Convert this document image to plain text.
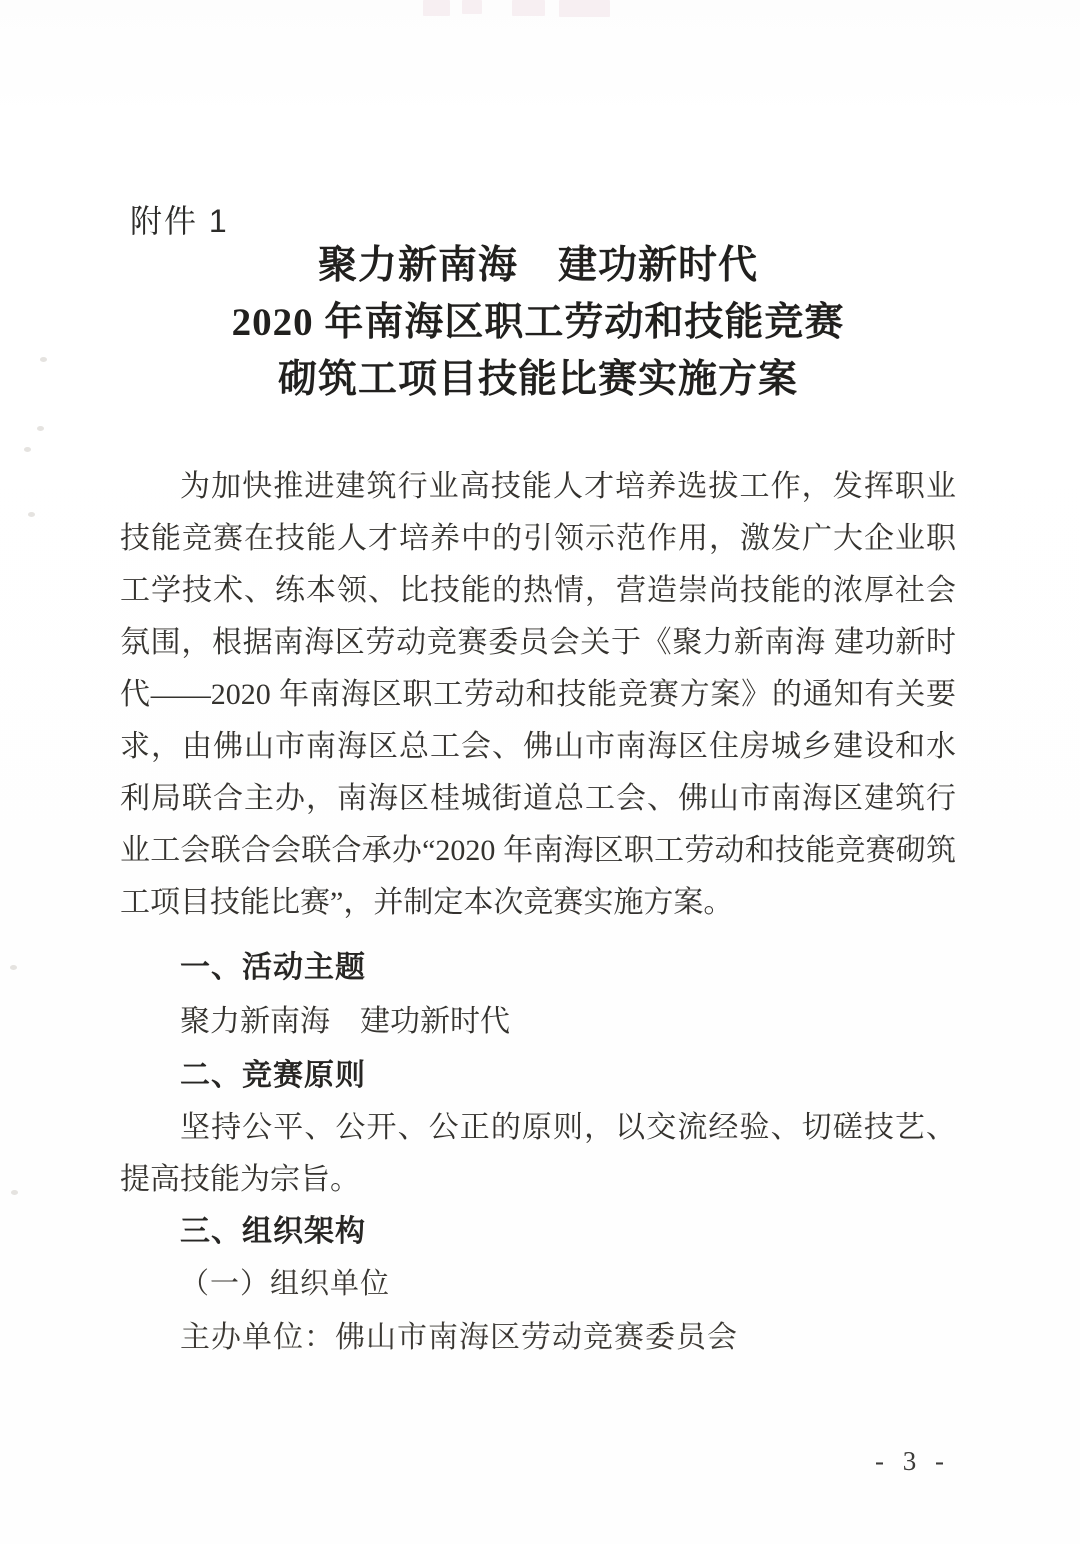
附件 1
聚力新南海　建功新时代
2020 年南海区职工劳动和技能竞赛
砌筑工项目技能比赛实施方案
为加快推进建筑行业高技能人才培养选拔工作，发挥职业技能竞赛在技能人才培养中的引领示范作用，激发广大企业职工学技术、练本领、比技能的热情，营造崇尚技能的浓厚社会氛围，根据南海区劳动竞赛委员会关于《聚力新南海 建功新时代——2020 年南海区职工劳动和技能竞赛方案》的通知有关要求，由佛山市南海区总工会、佛山市南海区住房城乡建设和水利局联合主办，南海区桂城街道总工会、佛山市南海区建筑行业工会联合会联合承办“2020 年南海区职工劳动和技能竞赛砌筑工项目技能比赛”，并制定本次竞赛实施方案。
一、活动主题
聚力新南海　建功新时代
二、竞赛原则
坚持公平、公开、公正的原则，以交流经验、切磋技艺、提高技能为宗旨。
三、组织架构
（一）组织单位
主办单位：佛山市南海区劳动竞赛委员会
- 3 -
